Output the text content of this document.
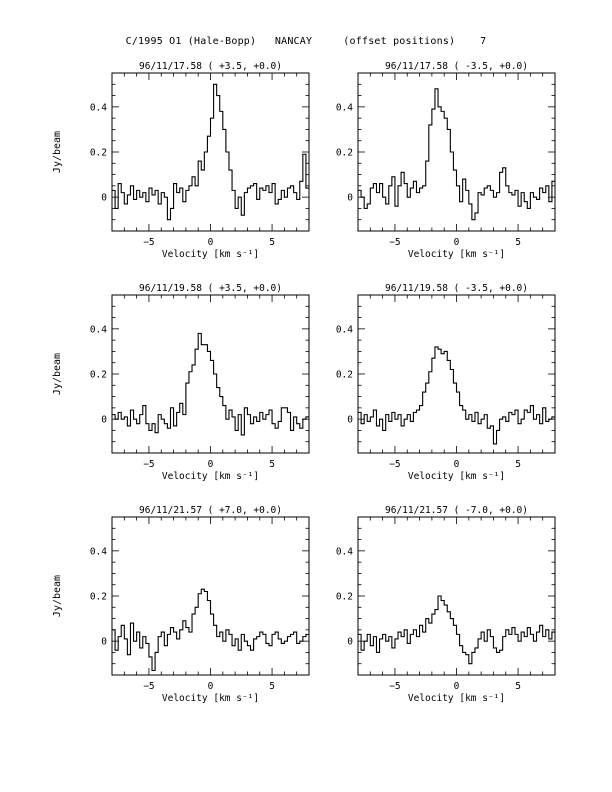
C/1995 O1 (Hale-Bopp)   NANCAY     (offset positions)    7
96/11/17.58 ( +3.5, +0.0)
−5	0	5
0
0.2
0.4
Velocity [km s⁻¹]
Jy/beam
96/11/17.58 ( -3.5, +0.0)
−5	0	5
0
0.2
0.4
Velocity [km s⁻¹]
96/11/19.58 ( +3.5, +0.0)
−5	0	5
0
0.2
0.4
Velocity [km s⁻¹]
Jy/beam
96/11/19.58 ( -3.5, +0.0)
−5	0	5
0
0.2
0.4
Velocity [km s⁻¹]
96/11/21.57 ( +7.0, +0.0)
−5	0	5
0
0.2
0.4
Velocity [km s⁻¹]
Jy/beam
96/11/21.57 ( -7.0, +0.0)
−5	0	5
0
0.2
0.4
Velocity [km s⁻¹]
